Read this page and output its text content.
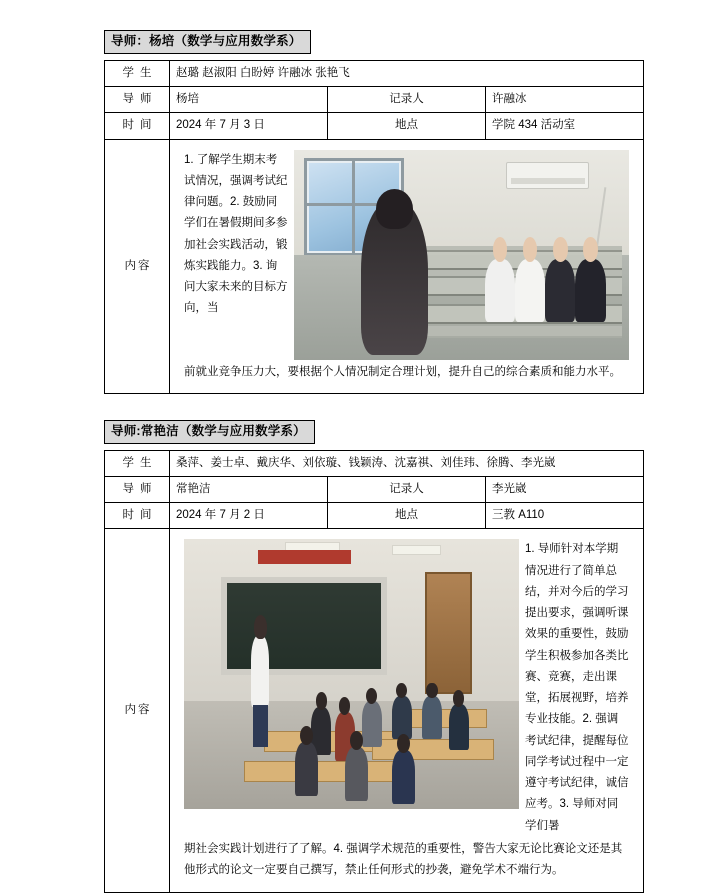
导师：杨培（数学与应用数学系）
学生	赵璐 赵淑阳 白盼婷 许融冰 张艳飞		
导师	杨培	记录人	许融冰
时间	2024 年 7 月 3 日	地点	学院 434 活动室
内容	1. 了解学生期末考试情况，强调考试纪律问题。2. 鼓励同学们在暑假期间多参加社会实践活动，锻炼实践能力。3. 询问大家未来的目标方向，当
前就业竞争压力大，要根据个人情况制定合理计划，提升自己的综合素质和能力水平。		
导师:常艳洁（数学与应用数学系）
学生	桑萍、姜士卓、戴庆华、刘依璇、钱颖涛、沈嘉祺、刘佳玮、徐腾、李光崴		
导师	常艳洁	记录人	李光崴
时间	2024 年 7 月 2 日	地点	三教 A110
内容	1. 导师针对本学期情况进行了简单总结，并对今后的学习提出要求，强调听课效果的重要性，鼓励学生积极参加各类比赛、竞赛，走出课堂，拓展视野，培养专业技能。2. 强调考试纪律，提醒每位同学考试过程中一定遵守考试纪律，诚信应考。3. 导师对同学们暑
期社会实践计划进行了了解。4. 强调学术规范的重要性，警告大家无论比赛论文还是其他形式的论文一定要自己撰写，禁止任何形式的抄袭，避免学术不端行为。		
